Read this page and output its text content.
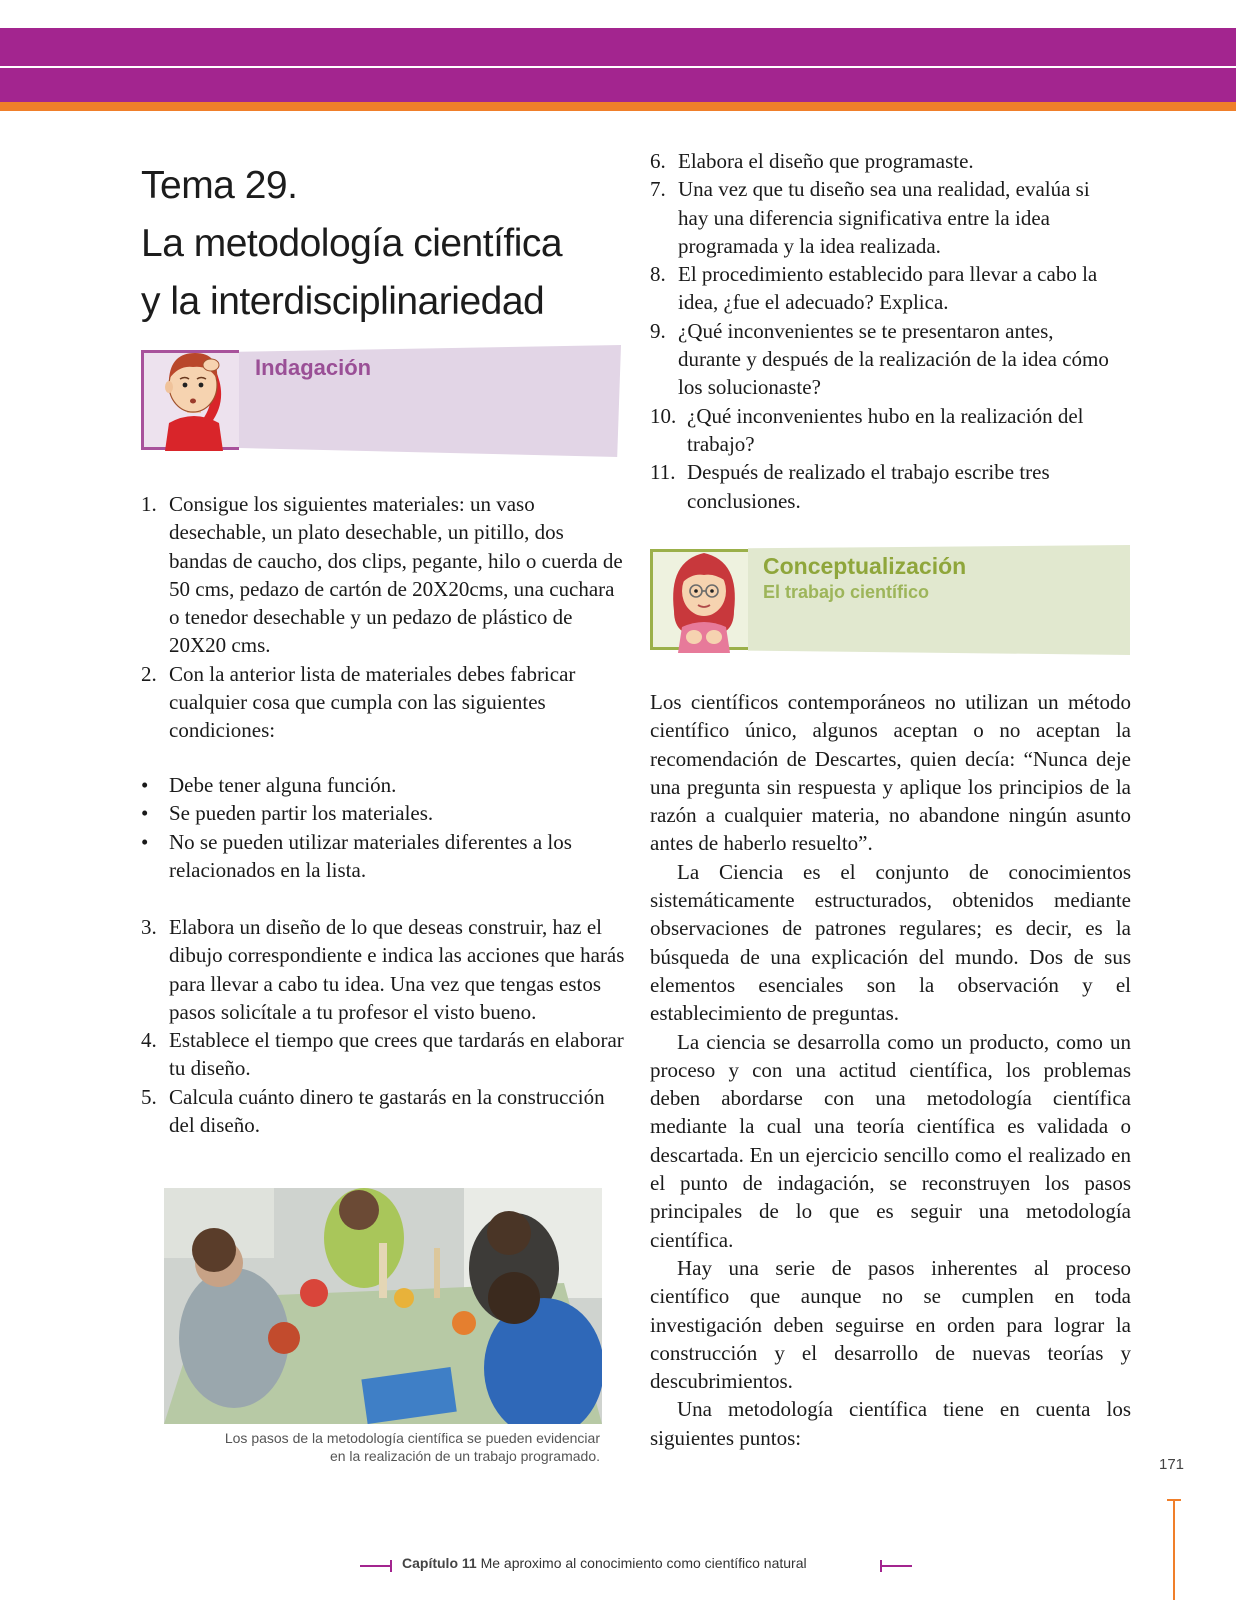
Tema 29.
La metodología científica
y la interdisciplinariedad
Indagación
1. Consigue los siguientes materiales: un vaso desechable, un plato desechable, un pitillo, dos bandas de caucho, dos clips, pegante, hilo o cuerda de 50 cms, pedazo de cartón de 20X20cms, una cuchara o tenedor desechable y un pedazo de plástico de 20X20 cms.
2. Con la anterior lista de materiales debes fabricar cualquier cosa que cumpla con las siguientes condiciones:
• Debe tener alguna función.
• Se pueden partir los materiales.
• No se pueden utilizar materiales diferentes a los relacionados en la lista.
3. Elabora un diseño de lo que deseas construir, haz el dibujo correspondiente e indica las acciones que harás para llevar a cabo tu idea. Una vez que tengas estos pasos solicítale a tu profesor el visto bueno.
4. Establece el tiempo que crees que tardarás en elaborar tu diseño.
5. Calcula cuánto dinero te gastarás en la construcción del diseño.
Los pasos de la metodología científica se pueden evidenciar
en la realización de un trabajo programado.
6. Elabora el diseño que programaste.
7. Una vez que tu diseño sea una realidad, evalúa si hay una diferencia significativa entre la idea programada y la idea realizada.
8. El procedimiento establecido para llevar a cabo la idea, ¿fue el adecuado? Explica.
9. ¿Qué inconvenientes se te presentaron antes, durante y después de la realización de la idea cómo los solucionaste?
10. ¿Qué inconvenientes hubo en la realización del trabajo?
11. Después de realizado el trabajo escribe tres conclusiones.
Conceptualización
El trabajo científico

Los científicos contemporáneos no utilizan un método científico único, algunos aceptan o no aceptan la recomendación de Descartes, quien decía: “Nunca deje una pregunta sin respuesta y aplique los principios de la razón a cualquier materia, no abandone ningún asunto antes de haberlo resuelto”.

La Ciencia es el conjunto de conocimientos sistemáticamente estructurados, obtenidos mediante observaciones de patrones regulares; es decir, es la búsqueda de una explicación del mundo. Dos de sus elementos esenciales son la observación y el establecimiento de preguntas.

La ciencia se desarrolla como un producto, como un proceso y con una actitud científica, los problemas deben abordarse con una metodología científica mediante la cual una teoría científica es validada o descartada. En un ejercicio sencillo como el realizado en el punto de indagación, se reconstruyen los pasos principales de lo que es seguir una metodología científica.

Hay una serie de pasos inherentes al proceso científico que aunque no se cumplen en toda investigación deben seguirse en orden para lograr la construcción y el desarrollo de nuevas teorías y descubrimientos.

Una metodología científica tiene en cuenta los siguientes puntos:

171
Capítulo 11 Me aproximo al conocimiento como científico natural
